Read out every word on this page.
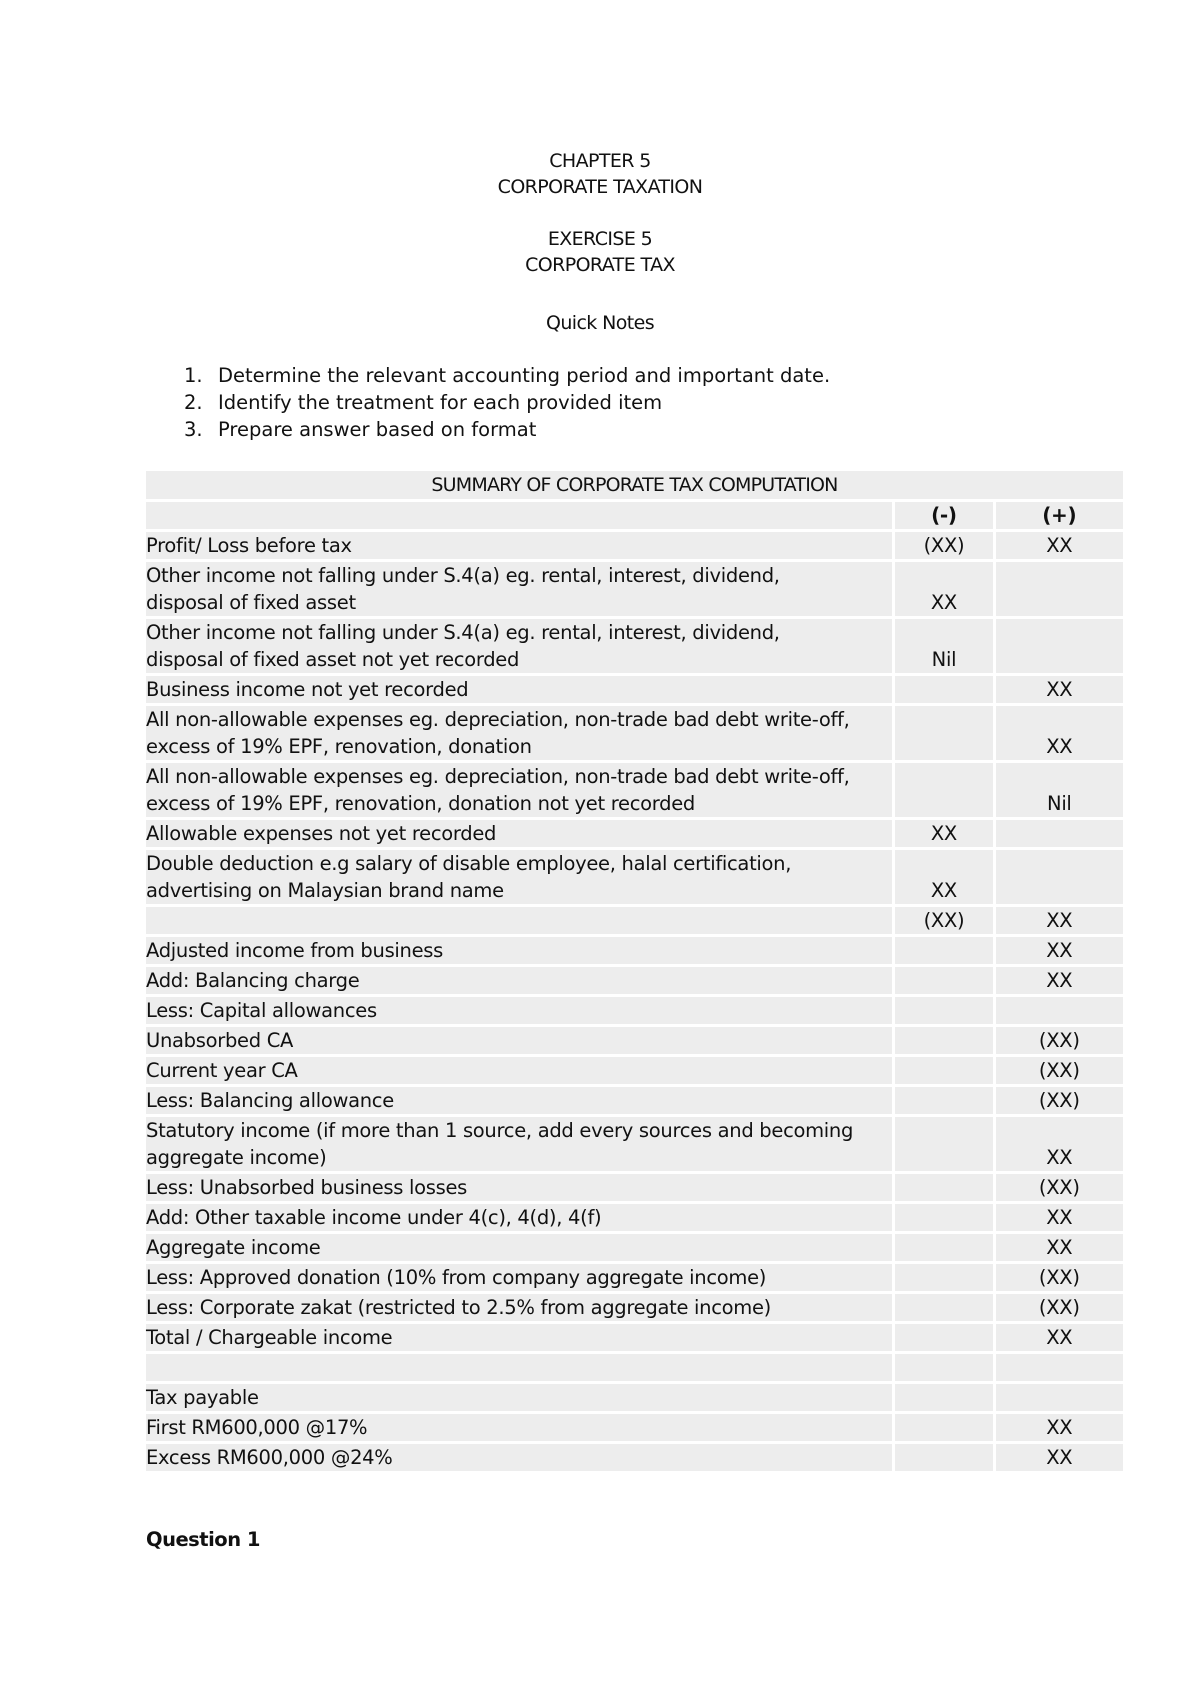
CHAPTER 5
CORPORATE TAXATION
EXERCISE 5
CORPORATE TAX
Quick Notes
1. Determine the relevant accounting period and important date.
2. Identify the treatment for each provided item
3. Prepare answer based on format
SUMMARY OF CORPORATE TAX COMPUTATION		
	(-)	(+)

Profit/ Loss before tax	(XX)	XX

Other income not falling under S.4(a) eg. rental, interest, dividend,
disposal of fixed asset	XX	

Other income not falling under S.4(a) eg. rental, interest, dividend,
disposal of fixed asset not yet recorded	Nil	

Business income not yet recorded		XX

All non-allowable expenses eg. depreciation, non-trade bad debt write-off,
excess of 19% EPF, renovation, donation		XX

All non-allowable expenses eg. depreciation, non-trade bad debt write-off,
excess of 19% EPF, renovation, donation not yet recorded		Nil

Allowable expenses not yet recorded	XX	

Double deduction e.g salary of disable employee, halal certification,
advertising on Malaysian brand name	XX	

	(XX)	XX

Adjusted income from business		XX

Add: Balancing charge		XX

Less: Capital allowances		

Unabsorbed CA		(XX)

Current year CA		(XX)

Less: Balancing allowance		(XX)

Statutory income (if more than 1 source, add every sources and becoming
aggregate income)		XX

Less: Unabsorbed business losses		(XX)

Add: Other taxable income under 4(c), 4(d), 4(f)		XX

Aggregate income		XX

Less: Approved donation (10% from company aggregate income)		(XX)

Less: Corporate zakat (restricted to 2.5% from aggregate income)		(XX)

Total / Chargeable income		XX

Tax payable		

First RM600,000 @17%		XX

Excess RM600,000 @24%		XX
Question 1
